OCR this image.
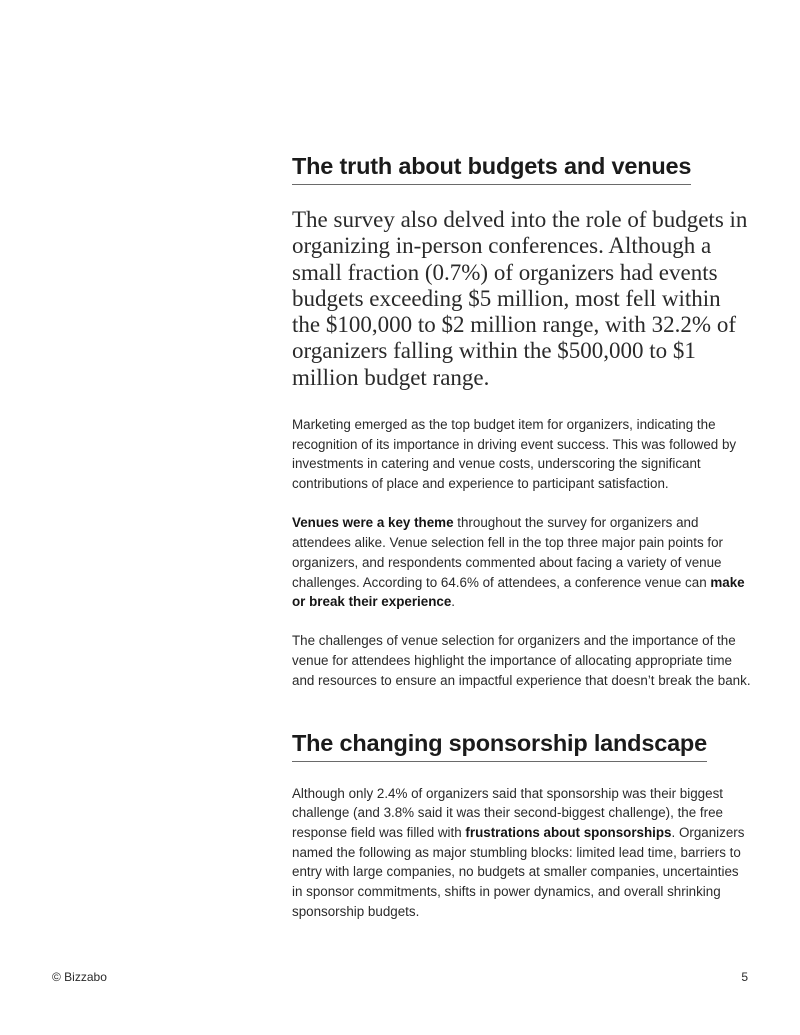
The truth about budgets and venues

The survey also delved into the role of budgets in organizing in-person conferences. Although a small fraction (0.7%) of organizers had events budgets exceeding $5 million, most fell within the $100,000 to $2 million range, with 32.2% of organizers falling within the $500,000 to $1 million budget range.

Marketing emerged as the top budget item for organizers, indicating the recognition of its importance in driving event success. This was followed by investments in catering and venue costs, underscoring the significant contributions of place and experience to participant satisfaction.

Venues were a key theme throughout the survey for organizers and attendees alike. Venue selection fell in the top three major pain points for organizers, and respondents commented about facing a variety of venue challenges. According to 64.6% of attendees, a conference venue can make or break their experience.

The challenges of venue selection for organizers and the importance of the venue for attendees highlight the importance of allocating appropriate time and resources to ensure an impactful experience that doesn’t break the bank.

The changing sponsorship landscape

Although only 2.4% of organizers said that sponsorship was their biggest challenge (and 3.8% said it was their second-biggest challenge), the free response field was filled with frustrations about sponsorships. Organizers named the following as major stumbling blocks: limited lead time, barriers to entry with large companies, no budgets at smaller companies, uncertainties in sponsor commitments, shifts in power dynamics, and overall shrinking sponsorship budgets.

© Bizzabo	5
